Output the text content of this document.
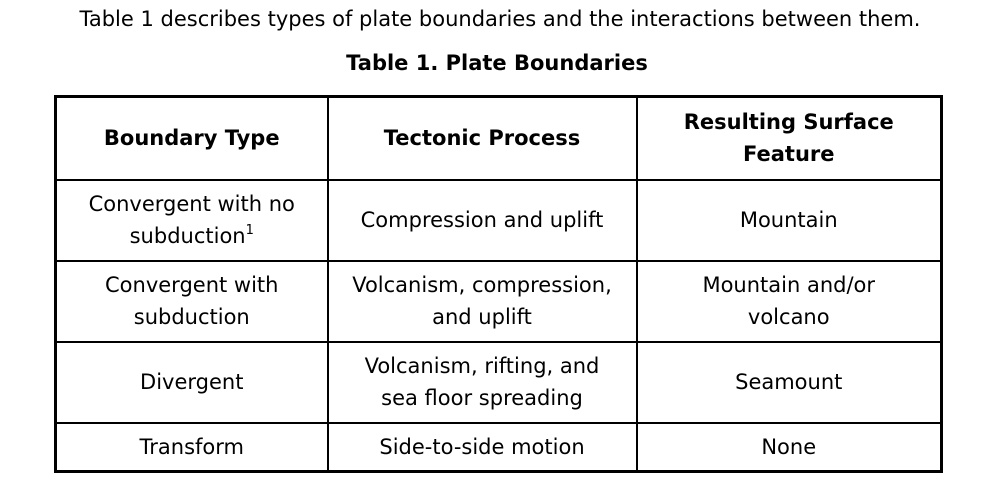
Table 1 describes types of plate boundaries and the interactions between them.

Table 1. Plate Boundaries

Boundary Type	Tectonic Process	Resulting Surface Feature
Convergent with no subduction$^1$	Compression and uplift	Mountain
Convergent with subduction	Volcanism, compression, and uplift	Mountain and/or volcano
Divergent	Volcanism, rifting, and sea floor spreading	Seamount
Transform	Side-to-side motion	None
